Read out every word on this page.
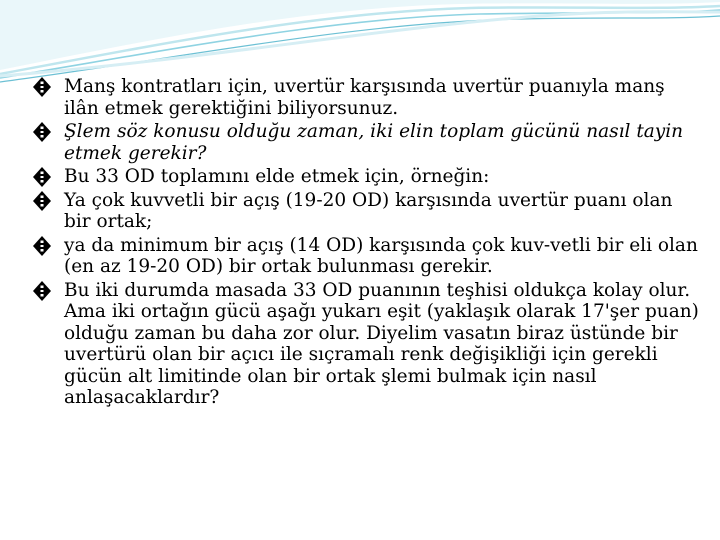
Manş kontratları için, uvertür karşısında uvertür puanıyla manş ilân etmek gerektiğini biliyorsunuz.

Şlem söz konusu olduğu zaman, iki elin toplam gücünü nasıl tayin etmek gerekir?

Bu 33 OD toplamını elde etmek için, örneğin:

Ya çok kuvvetli bir açış (19-20 OD) karşısında uvertür puanı olan bir ortak;

ya da minimum bir açış (14 OD) karşısında çok kuv-vetli bir eli olan (en az 19-20 OD) bir ortak bulunması gerekir.

Bu iki durumda masada 33 OD puanının teşhisi oldukça kolay olur. Ama iki ortağın gücü aşağı yukarı eşit (yaklaşık olarak 17'şer puan) olduğu zaman bu daha zor olur. Diyelim vasatın biraz üstünde bir uvertürü olan bir açıcı ile sıçramalı renk değişikliği için gerekli gücün alt limitinde olan bir ortak şlemi bulmak için nasıl anlaşacaklardır?
